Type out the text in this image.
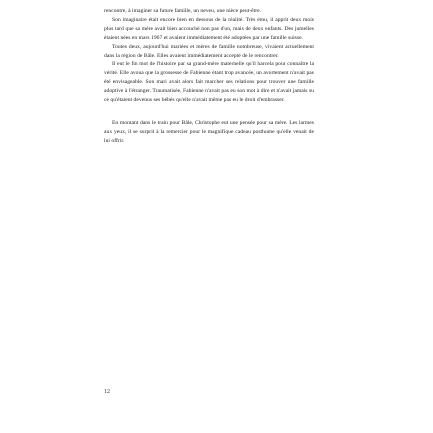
rencontre, à imaginer sa future famille, un neveu, une nièce peut-être.

Son imaginaire était encore bien en dessous de la réalité. Très ému, il apprit deux mois plus tard que sa mère avait bien accouché non pas d'un, mais de deux enfants. Des jumelles étaient nées en mars 1967 et avaient immédiatement été adoptées par une famille suisse.

Toutes deux, aujourd'hui mariées et mères de famille nombreuse, vivaient actuellement dans la région de Bâle. Elles avaient immédiatement accepté de le rencontrer.

Il eut le fin mot de l'histoire par sa grand-mère maternelle qu'il harcela pour connaître la vérité. Elle avoua que la grossesse de Fabienne étant trop avancée, un avortement n'avait pas été envisageable. Son mari avait alors fait marcher ses relations pour trouver une famille adoptive à l'étranger. Traumatisée, Fabienne n'avait pas eu son mot à dire et n'avait jamais su ce qu'étaient devenus ses bébés qu'elle n'avait même pas eu le droit d'embrasser.

En montant dans le train pour Bâle, Christophe eut une pensée pour sa mère. Les larmes aux yeux, il se surprit à la remercier pour le magnifique cadeau posthume qu'elle venait de lui offrir.

12
